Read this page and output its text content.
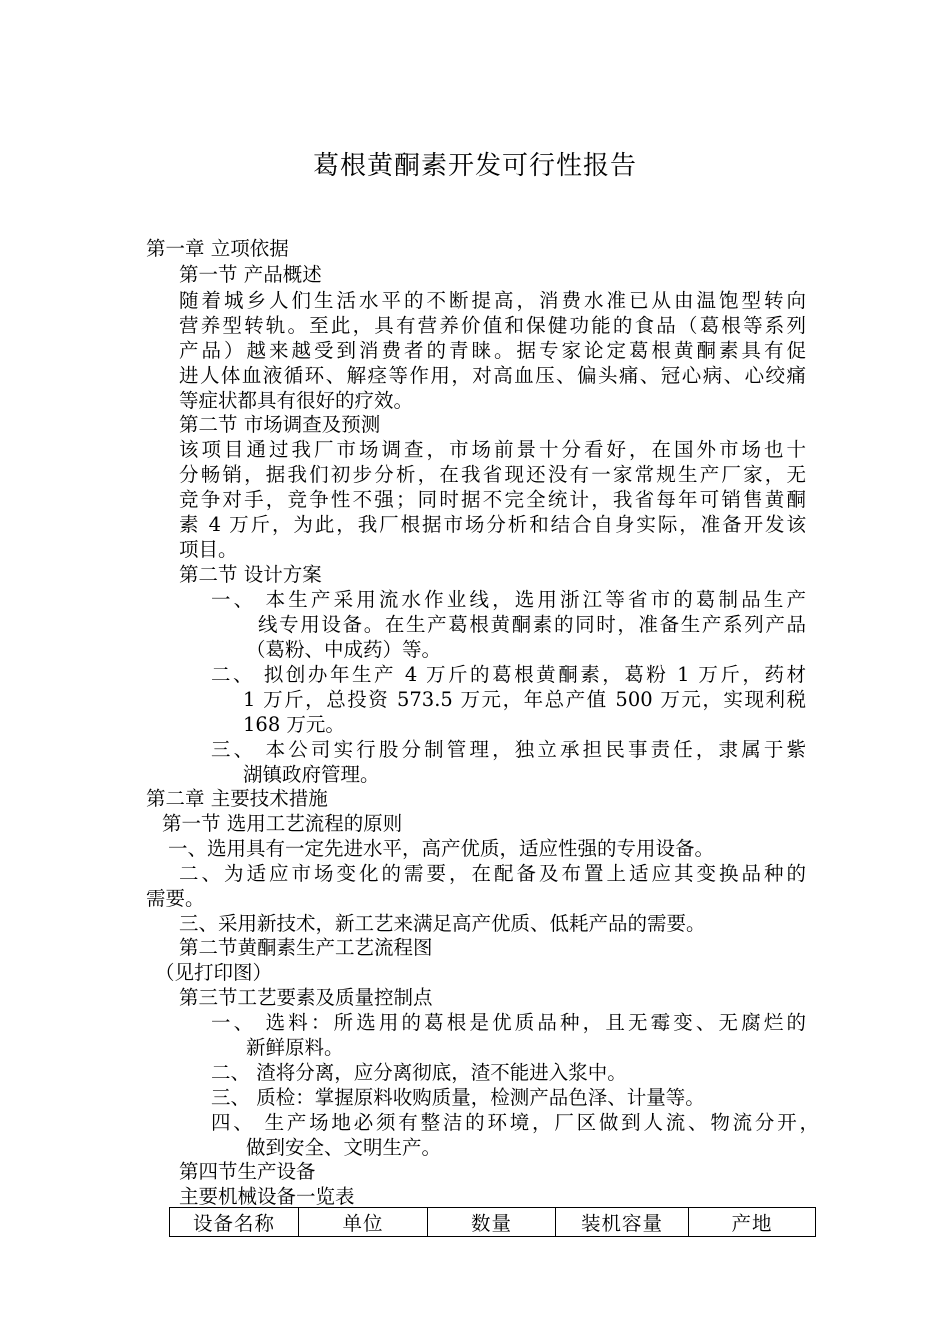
葛根黄酮素开发可行性报告

第一章 立项依据

第一节 产品概述

随着城乡人们生活水平的不断提高，消费水准已从由温饱型转向

营养型转轨。至此，具有营养价值和保健功能的食品（葛根等系列

产品）越来越受到消费者的青睐。据专家论定葛根黄酮素具有促

进人体血液循环、解痉等作用，对高血压、偏头痛、冠心病、心绞痛

等症状都具有很好的疗效。

第二节 市场调查及预测

该项目通过我厂市场调查，市场前景十分看好，在国外市场也十

分畅销，据我们初步分析，在我省现还没有一家常规生产厂家，无

竞争对手，竞争性不强；同时据不完全统计，我省每年可销售黄酮

素 4 万斤，为此，我厂根据市场分析和结合自身实际，准备开发该

项目。

第二节 设计方案

一、 本生产采用流水作业线，选用浙江等省市的葛制品生产

线专用设备。在生产葛根黄酮素的同时，准备生产系列产品

（葛粉、中成药）等。

二、 拟创办年生产 4 万斤的葛根黄酮素，葛粉 1 万斤，药材

1 万斤，总投资 573.5 万元，年总产值 500 万元，实现利税

168 万元。

三、 本公司实行股分制管理，独立承担民事责任，隶属于紫

湖镇政府管理。

第二章 主要技术措施

第一节 选用工艺流程的原则

一、选用具有一定先进水平，高产优质，适应性强的专用设备。

二、为适应市场变化的需要，在配备及布置上适应其变换品种的

需要。

三、采用新技术，新工艺来满足高产优质、低耗产品的需要。

第二节黄酮素生产工艺流程图

（见打印图）

第三节工艺要素及质量控制点

一、 选料：所选用的葛根是优质品种，且无霉变、无腐烂的

新鲜原料。

二、 渣将分离，应分离彻底，渣不能进入浆中。

三、 质检：掌握原料收购质量，检测产品色泽、计量等。

四、 生产场地必须有整洁的环境，厂区做到人流、物流分开，

做到安全、文明生产。

第四节生产设备

主要机械设备一览表

设备名称	单位	数量	装机容量	产地
